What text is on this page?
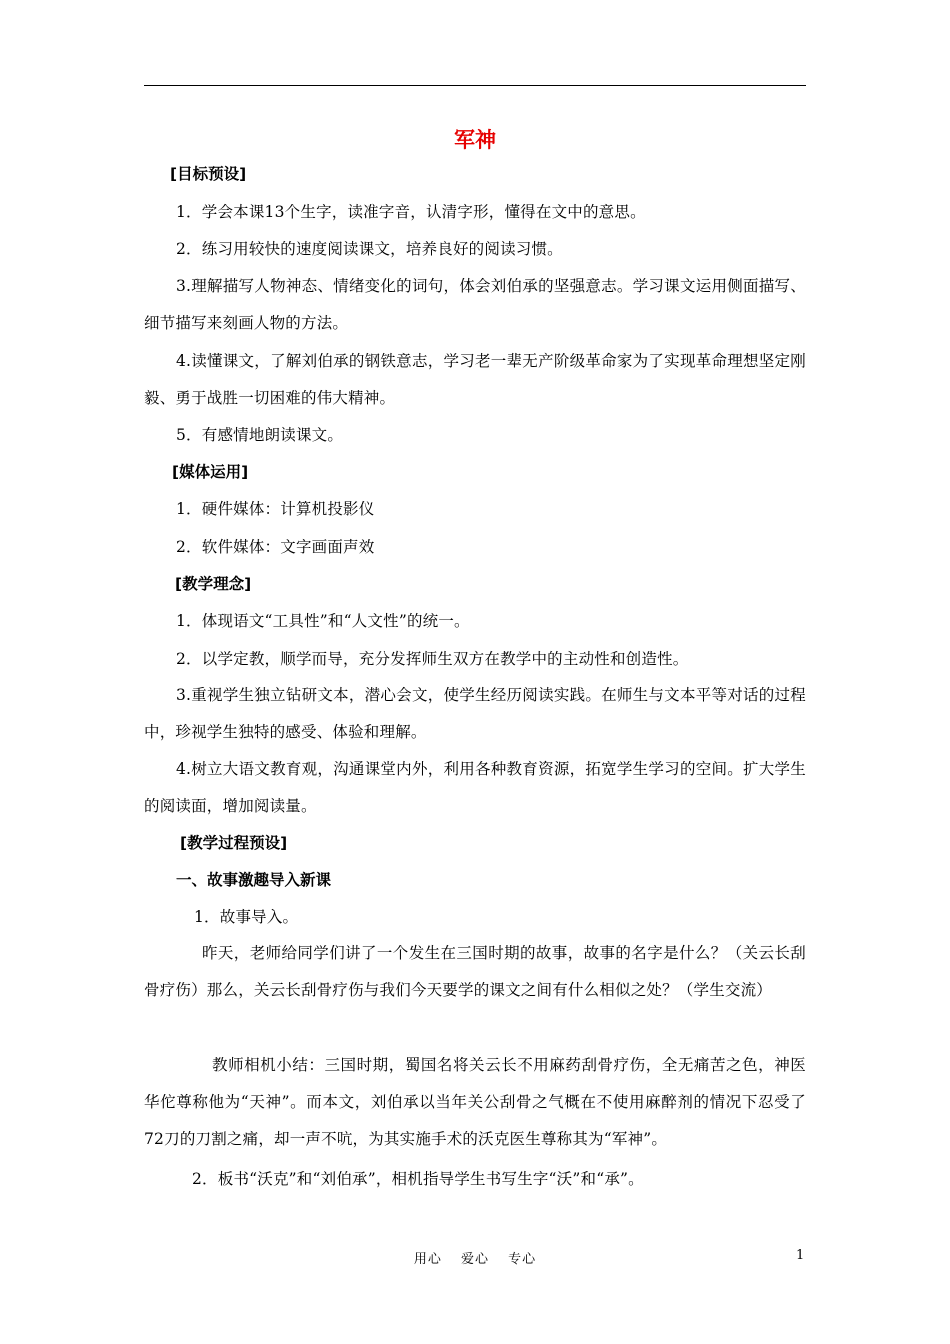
军神
[目标预设]
1．学会本课13个生字，读准字音，认清字形，懂得在文中的意思。
2．练习用较快的速度阅读课文，培养良好的阅读习惯。
3.理解描写人物神态、情绪变化的词句，体会刘伯承的坚强意志。学习课文运用侧面描写、细节描写来刻画人物的方法。
4.读懂课文，了解刘伯承的钢铁意志，学习老一辈无产阶级革命家为了实现革命理想坚定刚毅、勇于战胜一切困难的伟大精神。
5．有感情地朗读课文。
[媒体运用]
1．硬件媒体：计算机投影仪
2．软件媒体：文字画面声效
[教学理念]
1．体现语文“工具性”和“人文性”的统一。
2．以学定教，顺学而导，充分发挥师生双方在教学中的主动性和创造性。
3.重视学生独立钻研文本，潜心会文，使学生经历阅读实践。在师生与文本平等对话的过程中，珍视学生独特的感受、体验和理解。
4.树立大语文教育观，沟通课堂内外，利用各种教育资源，拓宽学生学习的空间。扩大学生的阅读面，增加阅读量。
[教学过程预设]
一、故事激趣导入新课
1．故事导入。
昨天，老师给同学们讲了一个发生在三国时期的故事，故事的名字是什么？（关云长刮骨疗伤）那么，关云长刮骨疗伤与我们今天要学的课文之间有什么相似之处？（学生交流）
教师相机小结：三国时期，蜀国名将关云长不用麻药刮骨疗伤，全无痛苦之色，神医华佗尊称他为“天神”。而本文，刘伯承以当年关公刮骨之气概在不使用麻醉剂的情况下忍受了72刀的刀割之痛，却一声不吭，为其实施手术的沃克医生尊称其为“军神”。
2．板书“沃克”和“刘伯承”，相机指导学生书写生字“沃”和“承”。
用心　 爱心　 专心	1
